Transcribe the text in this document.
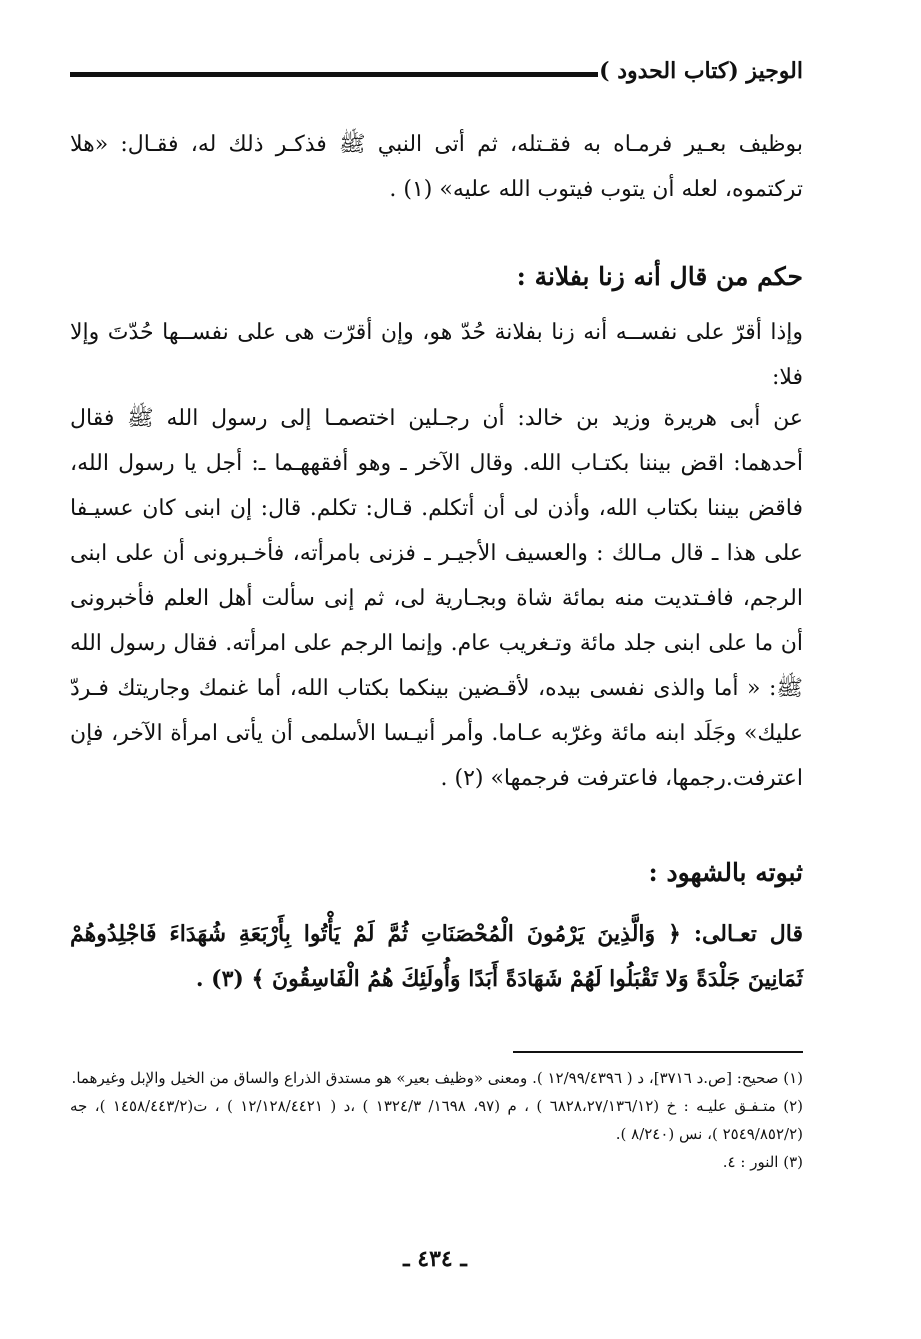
الوجيز (كتاب الحدود )
بوظيف بعـير فرمـاه به فقـتله، ثم أتى النبي ﷺ فذكـر ذلك له، فقـال: «هلا تركتموه، لعله أن يتوب فيتوب الله عليه» (١) .
حكم من قال أنه زنا بفلانة :
وإذا أقرّ على نفســه أنه زنا بفلانة حُدّ هو، وإن أقرّت هى على نفســها حُدّتَ وإلا فلا:
عن أبى هريرة وزيد بن خالد: أن رجـلين اختصمـا إلى رسول الله ﷺ فقال أحدهما: اقض بيننا بكتـاب الله. وقال الآخر ـ وهو أفقههـما ـ: أجل يا رسول الله، فاقض بيننا بكتاب الله، وأذن لى أن أتكلم. قـال: تكلم. قال: إن ابنى كان عسيـفا على هذا ـ قال مـالك : والعسيف الأجيـر ـ فزنى بامرأته، فأخـبرونى أن على ابنى الرجم، فافـتديت منه بمائة شاة وبجـارية لى، ثم إنى سألت أهل العلم فأخبرونى أن ما على ابنى جلد مائة وتـغريب عام. وإنما الرجم على امرأته. فقال رسول الله ﷺ: « أما والذى نفسى بيده، لأقـضين بينكما بكتاب الله، أما غنمك وجاريتك فـردّ عليك» وجَلَد ابنه مائة وغرّبه عـاما. وأمر أنيـسا الأسلمى أن يأتى امرأة الآخر، فإن اعترفت.رجمها، فاعترفت فرجمها» (٢) .
ثبوته بالشهود :
قال تعـالى: ﴿ وَالَّذِينَ يَرْمُونَ الْمُحْصَنَاتِ ثُمَّ لَمْ يَأْتُوا بِأَرْبَعَةِ شُهَدَاءَ فَاجْلِدُوهُمْ ثَمَانِينَ جَلْدَةً وَلا تَقْبَلُوا لَهُمْ شَهَادَةً أَبَدًا وَأُولَئِكَ هُمُ الْفَاسِقُونَ ﴾ (٣) .

(١) صحيح: [ص.د ٣٧١٦]، د ( ١٢/٩٩/٤٣٩٦ ). ومعنى «وظيف بعير» هو مستدق الذراع والساق من الخيل والإبل وغيرهما.

(٢) متـفـق عليـه : خ (٦٨٢٨،٢٧/١٣٦/١٢ ) ، م (٩٧، ١٦٩٨/ ١٣٢٤/٣ ) ،د ( ١٢/١٢٨/٤٤٢١ ) ، ت(١٤٥٨/٤٤٣/٢ )، جه (٢٥٤٩/٨٥٢/٢ )، نس (٨/٢٤٠ ).

(٣) النور : ٤.

ـ ٤٣٤ ـ
